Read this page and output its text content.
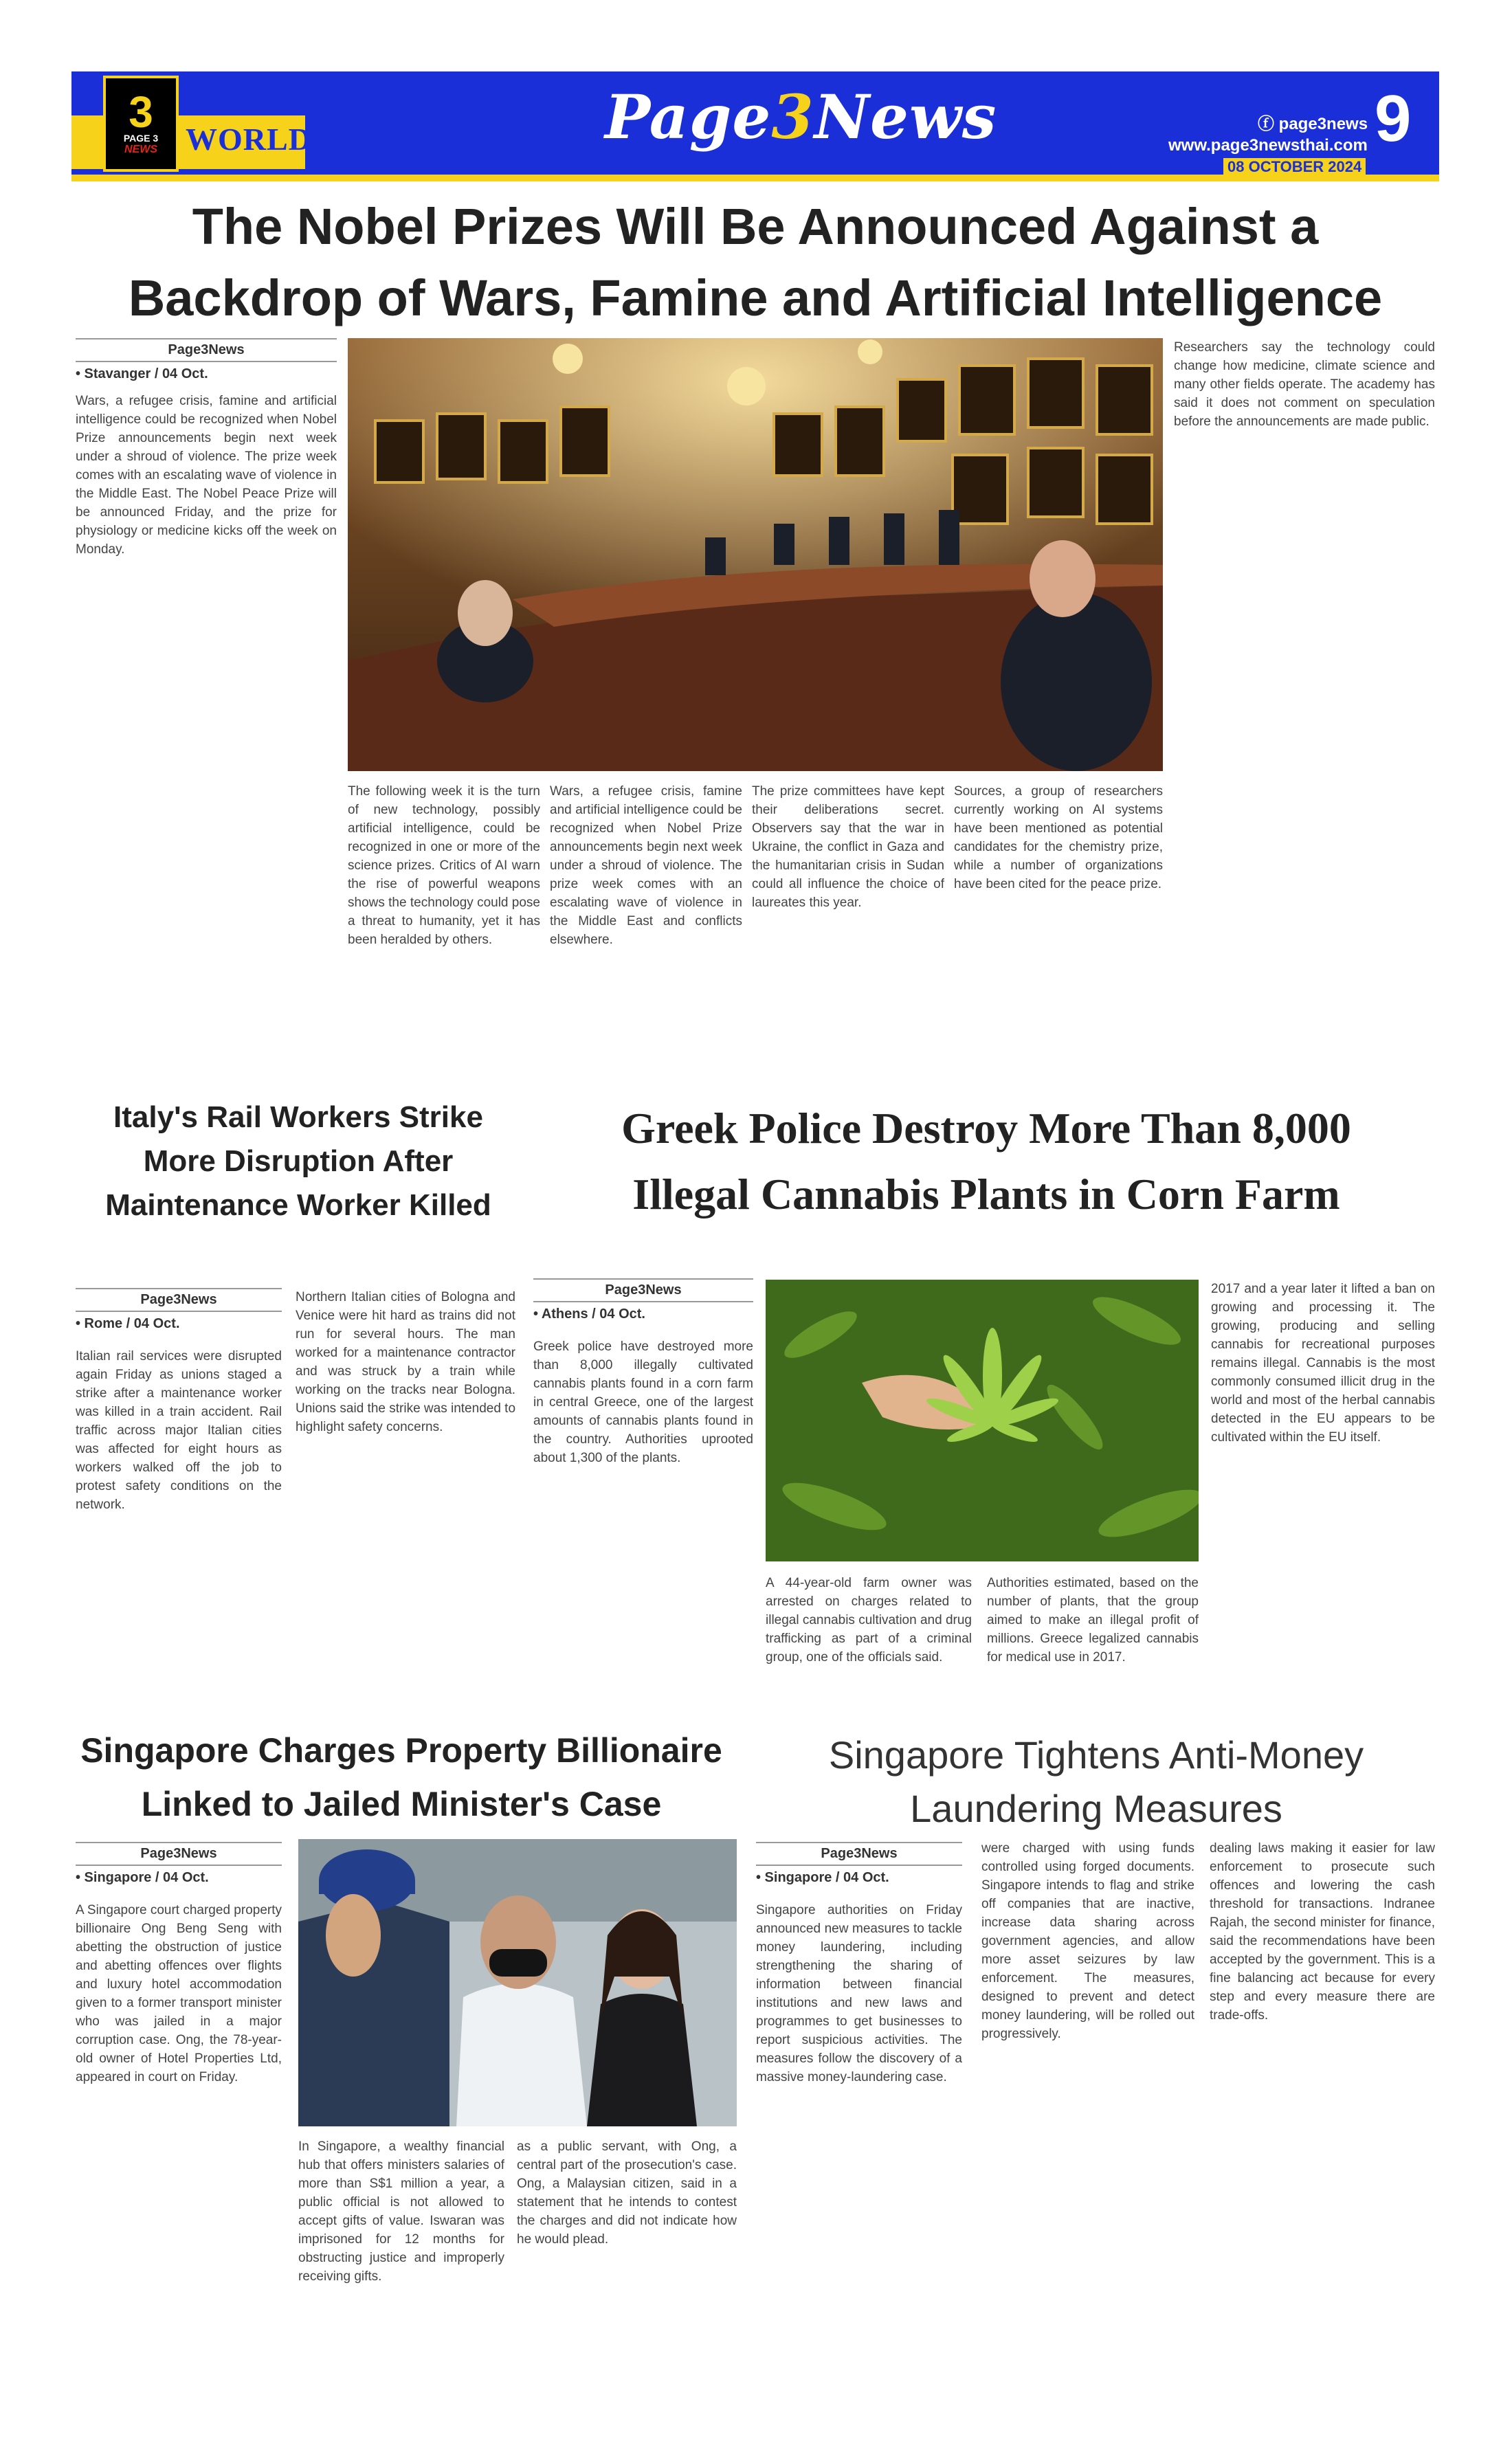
WORLD
3
PAGE 3
NEWS	Page3News	ⓕ page3news
www.page3newsthai.com 9
08 OCTOBER 2024
The Nobel Prizes Will Be Announced Against a
Backdrop of Wars, Famine and Artificial Intelligence
Page3News
• Stavanger / 04 Oct.
Wars, a refugee crisis, famine and artificial intelligence could be recognized when Nobel Prize announcements begin next week under a shroud of violence. The prize week comes with an escalating wave of violence in the Middle East. The Nobel Peace Prize will be announced Friday, and the prize for physiology or medicine kicks off the week on Monday.
Researchers say the technology could change how medicine, climate science and many other fields operate. The academy has said it does not comment on speculation before the announcements are made public.
The following week it is the turn of new technology, possibly artificial intelligence, could be recognized in one or more of the science prizes. Critics of AI warn the rise of powerful weapons shows the technology could pose a threat to humanity, yet it has been heralded by others.
Wars, a refugee crisis, famine and artificial intelligence could be recognized when Nobel Prize announcements begin next week under a shroud of violence. The prize week comes with an escalating wave of violence in the Middle East and conflicts elsewhere.
The prize committees have kept their deliberations secret. Observers say that the war in Ukraine, the conflict in Gaza and the humanitarian crisis in Sudan could all influence the choice of laureates this year.
Sources, a group of researchers currently working on AI systems have been mentioned as potential candidates for the chemistry prize, while a number of organizations have been cited for the peace prize.
Italy's Rail Workers Strike
More Disruption After
Maintenance Worker Killed
Page3News
• Rome / 04 Oct.
Italian rail services were disrupted again Friday as unions staged a strike after a maintenance worker was killed in a train accident. Rail traffic across major Italian cities was affected for eight hours as workers walked off the job to protest safety conditions on the network.
Northern Italian cities of Bologna and Venice were hit hard as trains did not run for several hours. The man worked for a maintenance contractor and was struck by a train while working on the tracks near Bologna. Unions said the strike was intended to highlight safety concerns.
Greek Police Destroy More Than 8,000
Illegal Cannabis Plants in Corn Farm
Page3News
• Athens / 04 Oct.
Greek police have destroyed more than 8,000 illegally cultivated cannabis plants found in a corn farm in central Greece, one of the largest amounts of cannabis plants found in the country. Authorities uprooted about 1,300 of the plants.
A 44-year-old farm owner was arrested on charges related to illegal cannabis cultivation and drug trafficking as part of a criminal group, one of the officials said.
Authorities estimated, based on the number of plants, that the group aimed to make an illegal profit of millions. Greece legalized cannabis for medical use in 2017.
2017 and a year later it lifted a ban on growing and processing it. The growing, producing and selling cannabis for recreational purposes remains illegal. Cannabis is the most commonly consumed illicit drug in the world and most of the herbal cannabis detected in the EU appears to be cultivated within the EU itself.
Singapore Charges Property Billionaire
Linked to Jailed Minister's Case
Page3News
• Singapore / 04 Oct.
A Singapore court charged property billionaire Ong Beng Seng with abetting the obstruction of justice and abetting offences over flights and luxury hotel accommodation given to a former transport minister who was jailed in a major corruption case. Ong, the 78-year-old owner of Hotel Properties Ltd, appeared in court on Friday.
In Singapore, a wealthy financial hub that offers ministers salaries of more than S$1 million a year, a public official is not allowed to accept gifts of value. Iswaran was imprisoned for 12 months for obstructing justice and improperly receiving gifts.
as a public servant, with Ong, a central part of the prosecution's case. Ong, a Malaysian citizen, said in a statement that he intends to contest the charges and did not indicate how he would plead.
Singapore Tightens Anti-Money
Laundering Measures
Page3News
• Singapore / 04 Oct.
Singapore authorities on Friday announced new measures to tackle money laundering, including strengthening the sharing of information between financial institutions and new laws and programmes to get businesses to report suspicious activities. The measures follow the discovery of a massive money-laundering case.
were charged with using funds controlled using forged documents. Singapore intends to flag and strike off companies that are inactive, increase data sharing across government agencies, and allow more asset seizures by law enforcement. The measures, designed to prevent and detect money laundering, will be rolled out progressively.
dealing laws making it easier for law enforcement to prosecute such offences and lowering the cash threshold for transactions. Indranee Rajah, the second minister for finance, said the recommendations have been accepted by the government. This is a fine balancing act because for every step and every measure there are trade-offs.
